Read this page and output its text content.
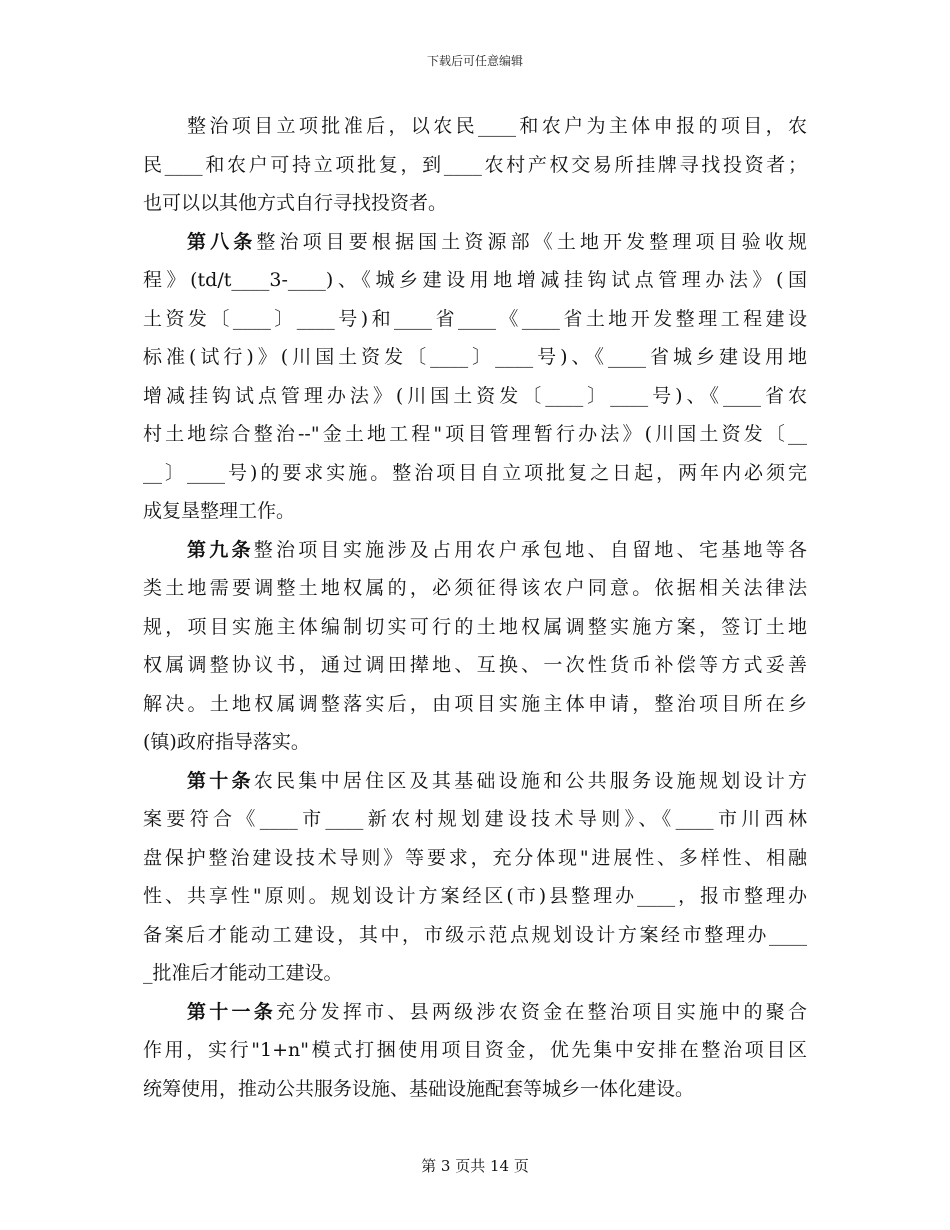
下载后可任意编辑
整治项目立项批准后，以农民____和农户为主体申报的项目，农
民____和农户可持立项批复，到____农村产权交易所挂牌寻找投资者；
也可以以其他方式自行寻找投资者。
第八条整治项目要根据国土资源部《土地开发整理项目验收规
程》(td/t____3-____)、《城乡建设用地增减挂钩试点管理办法》(国
土资发〔____〕____号)和____省____《____省土地开发整理工程建设
标准(试行)》(川国土资发〔____〕____号)、《____省城乡建设用地
增减挂钩试点管理办法》(川国土资发〔____〕____号)、《____省农
村土地综合整治--"金土地工程"项目管理暂行办法》(川国土资发〔__
__〕____号)的要求实施。整治项目自立项批复之日起，两年内必须完
成复垦整理工作。
第九条整治项目实施涉及占用农户承包地、自留地、宅基地等各
类土地需要调整土地权属的，必须征得该农户同意。依据相关法律法
规，项目实施主体编制切实可行的土地权属调整实施方案，签订土地
权属调整协议书，通过调田撵地、互换、一次性货币补偿等方式妥善
解决。土地权属调整落实后，由项目实施主体申请，整治项目所在乡
(镇)政府指导落实。
第十条农民集中居住区及其基础设施和公共服务设施规划设计方
案要符合《____市____新农村规划建设技术导则》、《____市川西林
盘保护整治建设技术导则》等要求，充分体现"进展性、多样性、相融
性、共享性"原则。规划设计方案经区(市)县整理办____，报市整理办
备案后才能动工建设，其中，市级示范点规划设计方案经市整理办____
_批准后才能动工建设。
第十一条充分发挥市、县两级涉农资金在整治项目实施中的聚合
作用，实行"1+n"模式打捆使用项目资金，优先集中安排在整治项目区
统筹使用，推动公共服务设施、基础设施配套等城乡一体化建设。
第 3 页共 14 页
